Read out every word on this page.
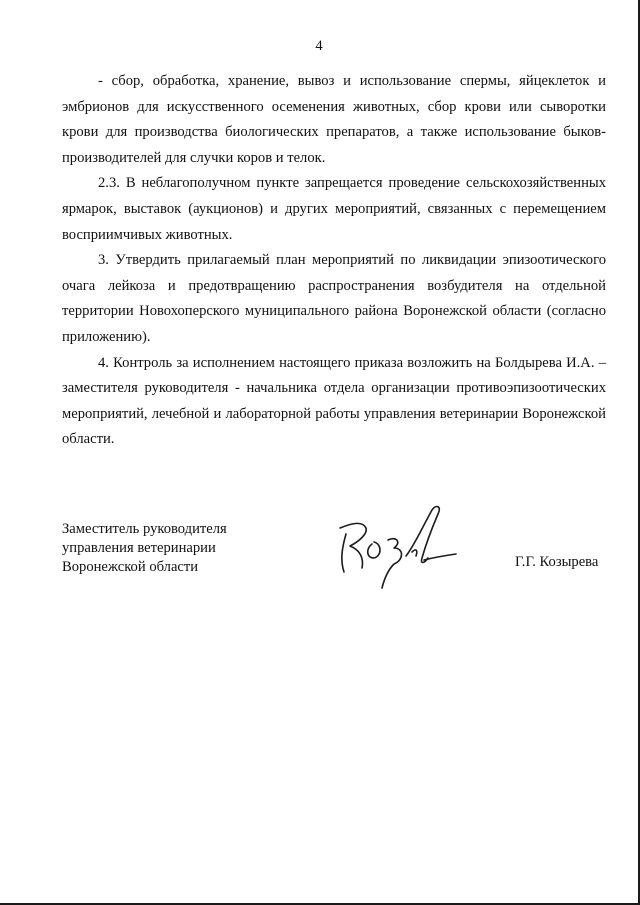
4

- сбор, обработка, хранение, вывоз и использование спермы, яйцеклеток и эмбрионов для искусственного осеменения животных, сбор крови или сыворотки крови для производства биологических препаратов, а также использование быков-производителей для случки коров и телок.

2.3. В неблагополучном пункте запрещается проведение сельскохозяйственных ярмарок, выставок (аукционов) и других мероприятий, связанных с перемещением восприимчивых животных.

3. Утвердить прилагаемый план мероприятий по ликвидации эпизоотического очага лейкоза и предотвращению распространения возбудителя на отдельной территории Новохоперского муниципального района Воронежской области (согласно приложению).

4. Контроль за исполнением настоящего приказа возложить на Болдырева И.А. – заместителя руководителя - начальника отдела организации противоэпизоотических мероприятий, лечебной и лабораторной работы управления ветеринарии Воронежской области.

Заместитель руководителя
управления ветеринарии
Воронежской области	Г.Г. Козырева
